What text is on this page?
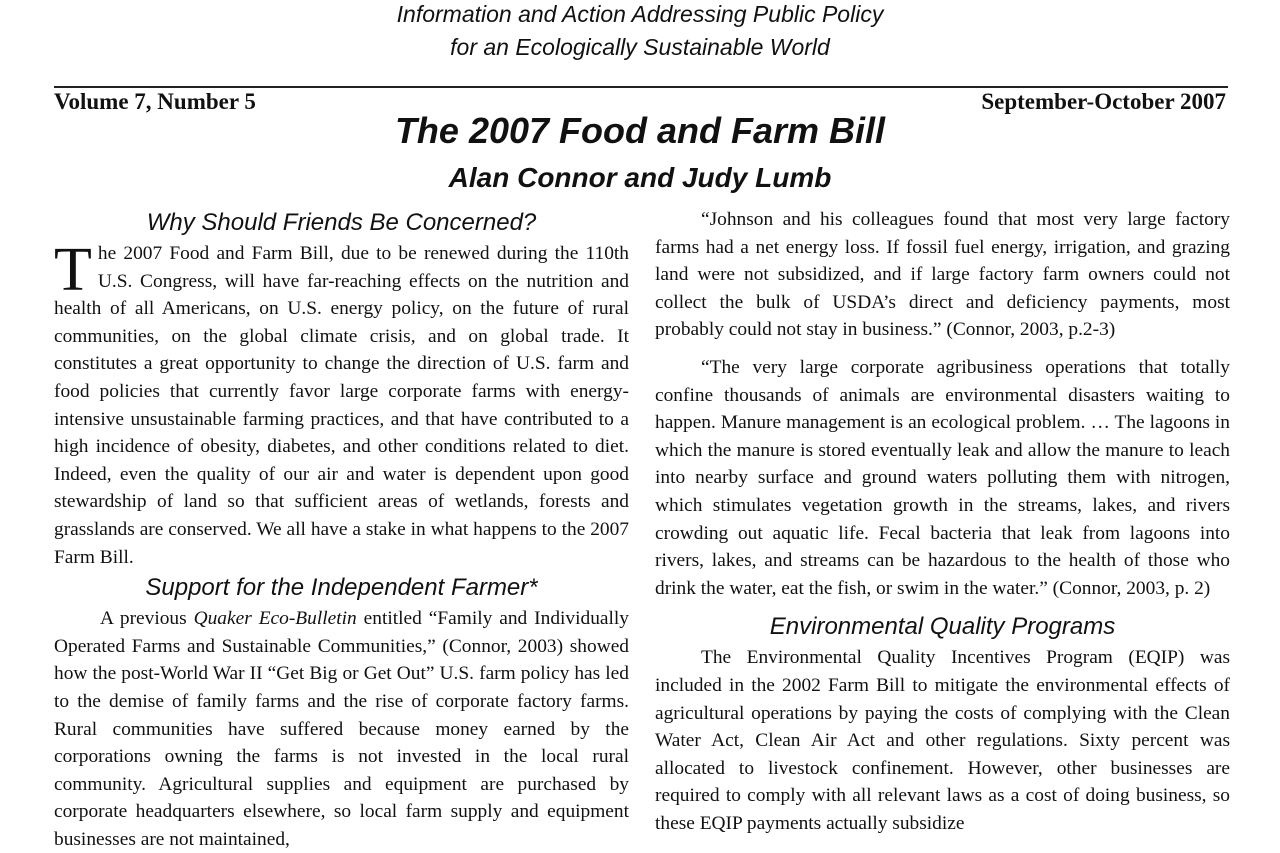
Information and Action Addressing Public Policy
for an Ecologically Sustainable World
Volume 7, Number 5	September-October 2007
The 2007 Food and Farm Bill
Alan Connor and Judy Lumb
Why Should Friends Be Concerned?

The 2007 Food and Farm Bill, due to be renewed during the 110th U.S. Congress, will have far-reaching effects on the nutrition and health of all Americans, on U.S. energy policy, on the future of rural communities, on the global climate crisis, and on global trade. It constitutes a great opportunity to change the direction of U.S. farm and food policies that currently favor large corporate farms with energy-intensive unsustainable farming practices, and that have contributed to a high incidence of obesity, diabetes, and other conditions related to diet. Indeed, even the quality of our air and water is dependent upon good stewardship of land so that sufficient areas of wetlands, forests and grasslands are conserved. We all have a stake in what happens to the 2007 Farm Bill.

Support for the Independent Farmer*

A previous Quaker Eco-Bulletin entitled “Family and Individually Operated Farms and Sustainable Communities,” (Connor, 2003) showed how the post-World War II “Get Big or Get Out” U.S. farm policy has led to the demise of family farms and the rise of corporate factory farms. Rural communities have suffered because money earned by the corporations owning the farms is not invested in the local rural community. Agricultural supplies and equipment are purchased by corporate headquarters elsewhere, so local farm supply and equipment businesses are not maintained,

“Johnson and his colleagues found that most very large factory farms had a net energy loss. If fossil fuel energy, irrigation, and grazing land were not subsidized, and if large factory farm owners could not collect the bulk of USDA’s direct and deficiency payments, most probably could not stay in business.” (Connor, 2003, p.2-3)

“The very large corporate agribusiness operations that totally confine thousands of animals are environmental disasters waiting to happen. Manure management is an ecological problem. … The lagoons in which the manure is stored eventually leak and allow the manure to leach into nearby surface and ground waters polluting them with nitrogen, which stimulates vegetation growth in the streams, lakes, and rivers crowding out aquatic life. Fecal bacteria that leak from lagoons into rivers, lakes, and streams can be hazardous to the health of those who drink the water, eat the fish, or swim in the water.” (Connor, 2003, p. 2)

Environmental Quality Programs

The Environmental Quality Incentives Program (EQIP) was included in the 2002 Farm Bill to mitigate the environmental effects of agricultural operations by paying the costs of complying with the Clean Water Act, Clean Air Act and other regulations. Sixty percent was allocated to livestock confinement. However, other businesses are required to comply with all relevant laws as a cost of doing business, so these EQIP payments actually subsidize
